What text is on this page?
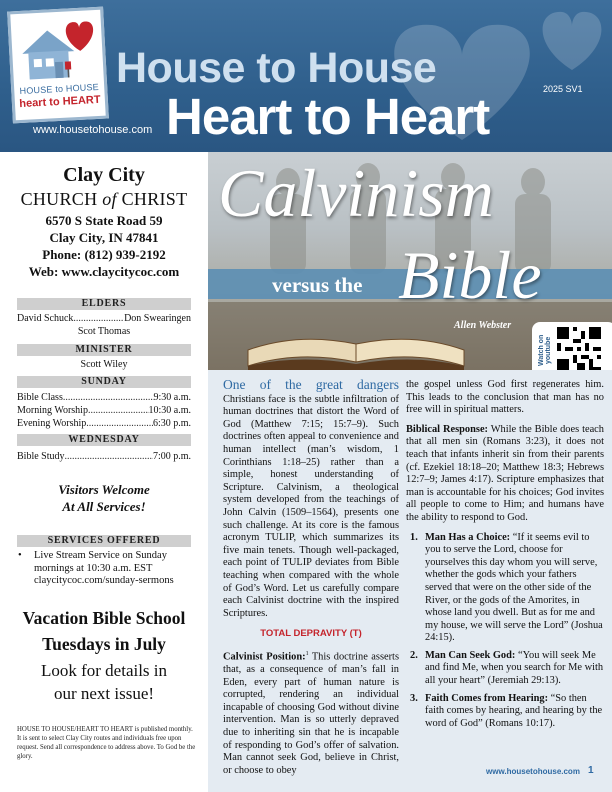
HOUSE to HOUSE
heart to HEART
House to House
Heart to Heart	2025 SV1
www.housetohouse.com
Clay City
CHURCH of CHRIST
6570 S State Road 59
Clay City, IN 47841
Phone: (812) 939-2192
Web: www.claycitycoc.com
ELDERS
David Schuck .....	Don Swearingen
Scot Thomas
MINISTER
Scott Wiley
SUNDAY
Bible Class .....	9:30 a.m.
Morning Worship .....	10:30 a.m.
Evening Worship .....	6:30 p.m.
WEDNESDAY
Bible Study .....	7:00 p.m.
Visitors Welcome
At All Services!
SERVICES OFFERED
• Live Stream Service on Sunday mornings at 10:30 a.m. EST claycitycoc.com/sunday-sermons
Vacation Bible School
Tuesdays in July
Look for details in
our next issue!
HOUSE TO HOUSE/HEART TO HEART is published monthly. It is sent to select Clay City routes and individuals free upon request. Send all correspondence to address above. To God be the glory.
Calvinism
versus the Bible
Allen Webster
Watch on youtube

One of the great dangers Christians face is the subtle infiltration of human doctrines that distort the Word of God (Matthew 7:15; 15:7–9). Such doctrines often appeal to convenience and human intellect (man’s wisdom, 1 Corinthians 1:18–25) rather than a simple, honest understanding of Scripture. Calvinism, a theological system developed from the teachings of John Calvin (1509–1564), presents one such challenge. At its core is the famous acronym TULIP, which summarizes its five main tenets. Though well-packaged, each point of TULIP deviates from Bible teaching when compared with the whole of God’s Word. Let us carefully compare each Calvinist doctrine with the inspired Scriptures.

TOTAL DEPRAVITY (T)

Calvinist Position:$^1$ This doctrine asserts that, as a consequence of man’s fall in Eden, every part of human nature is corrupted, rendering an individual incapable of choosing God without divine intervention. Man is so utterly depraved due to inheriting sin that he is incapable of responding to God’s offer of salvation. Man cannot seek God, believe in Christ, or choose to obey

the gospel unless God first regenerates him. This leads to the conclusion that man has no free will in spiritual matters.

Biblical Response: While the Bible does teach that all men sin (Romans 3:23), it does not teach that infants inherit sin from their parents (cf. Ezekiel 18:18–20; Matthew 18:3; Hebrews 12:7–9; James 4:17). Scripture emphasizes that man is accountable for his choices; God invites all people to come to Him; and humans have the ability to respond to God.

1. Man Has a Choice: “If it seems evil to you to serve the Lord, choose for yourselves this day whom you will serve, whether the gods which your fathers served that were on the other side of the River, or the gods of the Amorites, in whose land you dwell. But as for me and my house, we will serve the Lord” (Joshua 24:15).
2. Man Can Seek God: “You will seek Me and find Me, when you search for Me with all your heart” (Jeremiah 29:13).
3. Faith Comes from Hearing: “So then faith comes by hearing, and hearing by the word of God” (Romans 10:17).
www.housetohouse.com 1
